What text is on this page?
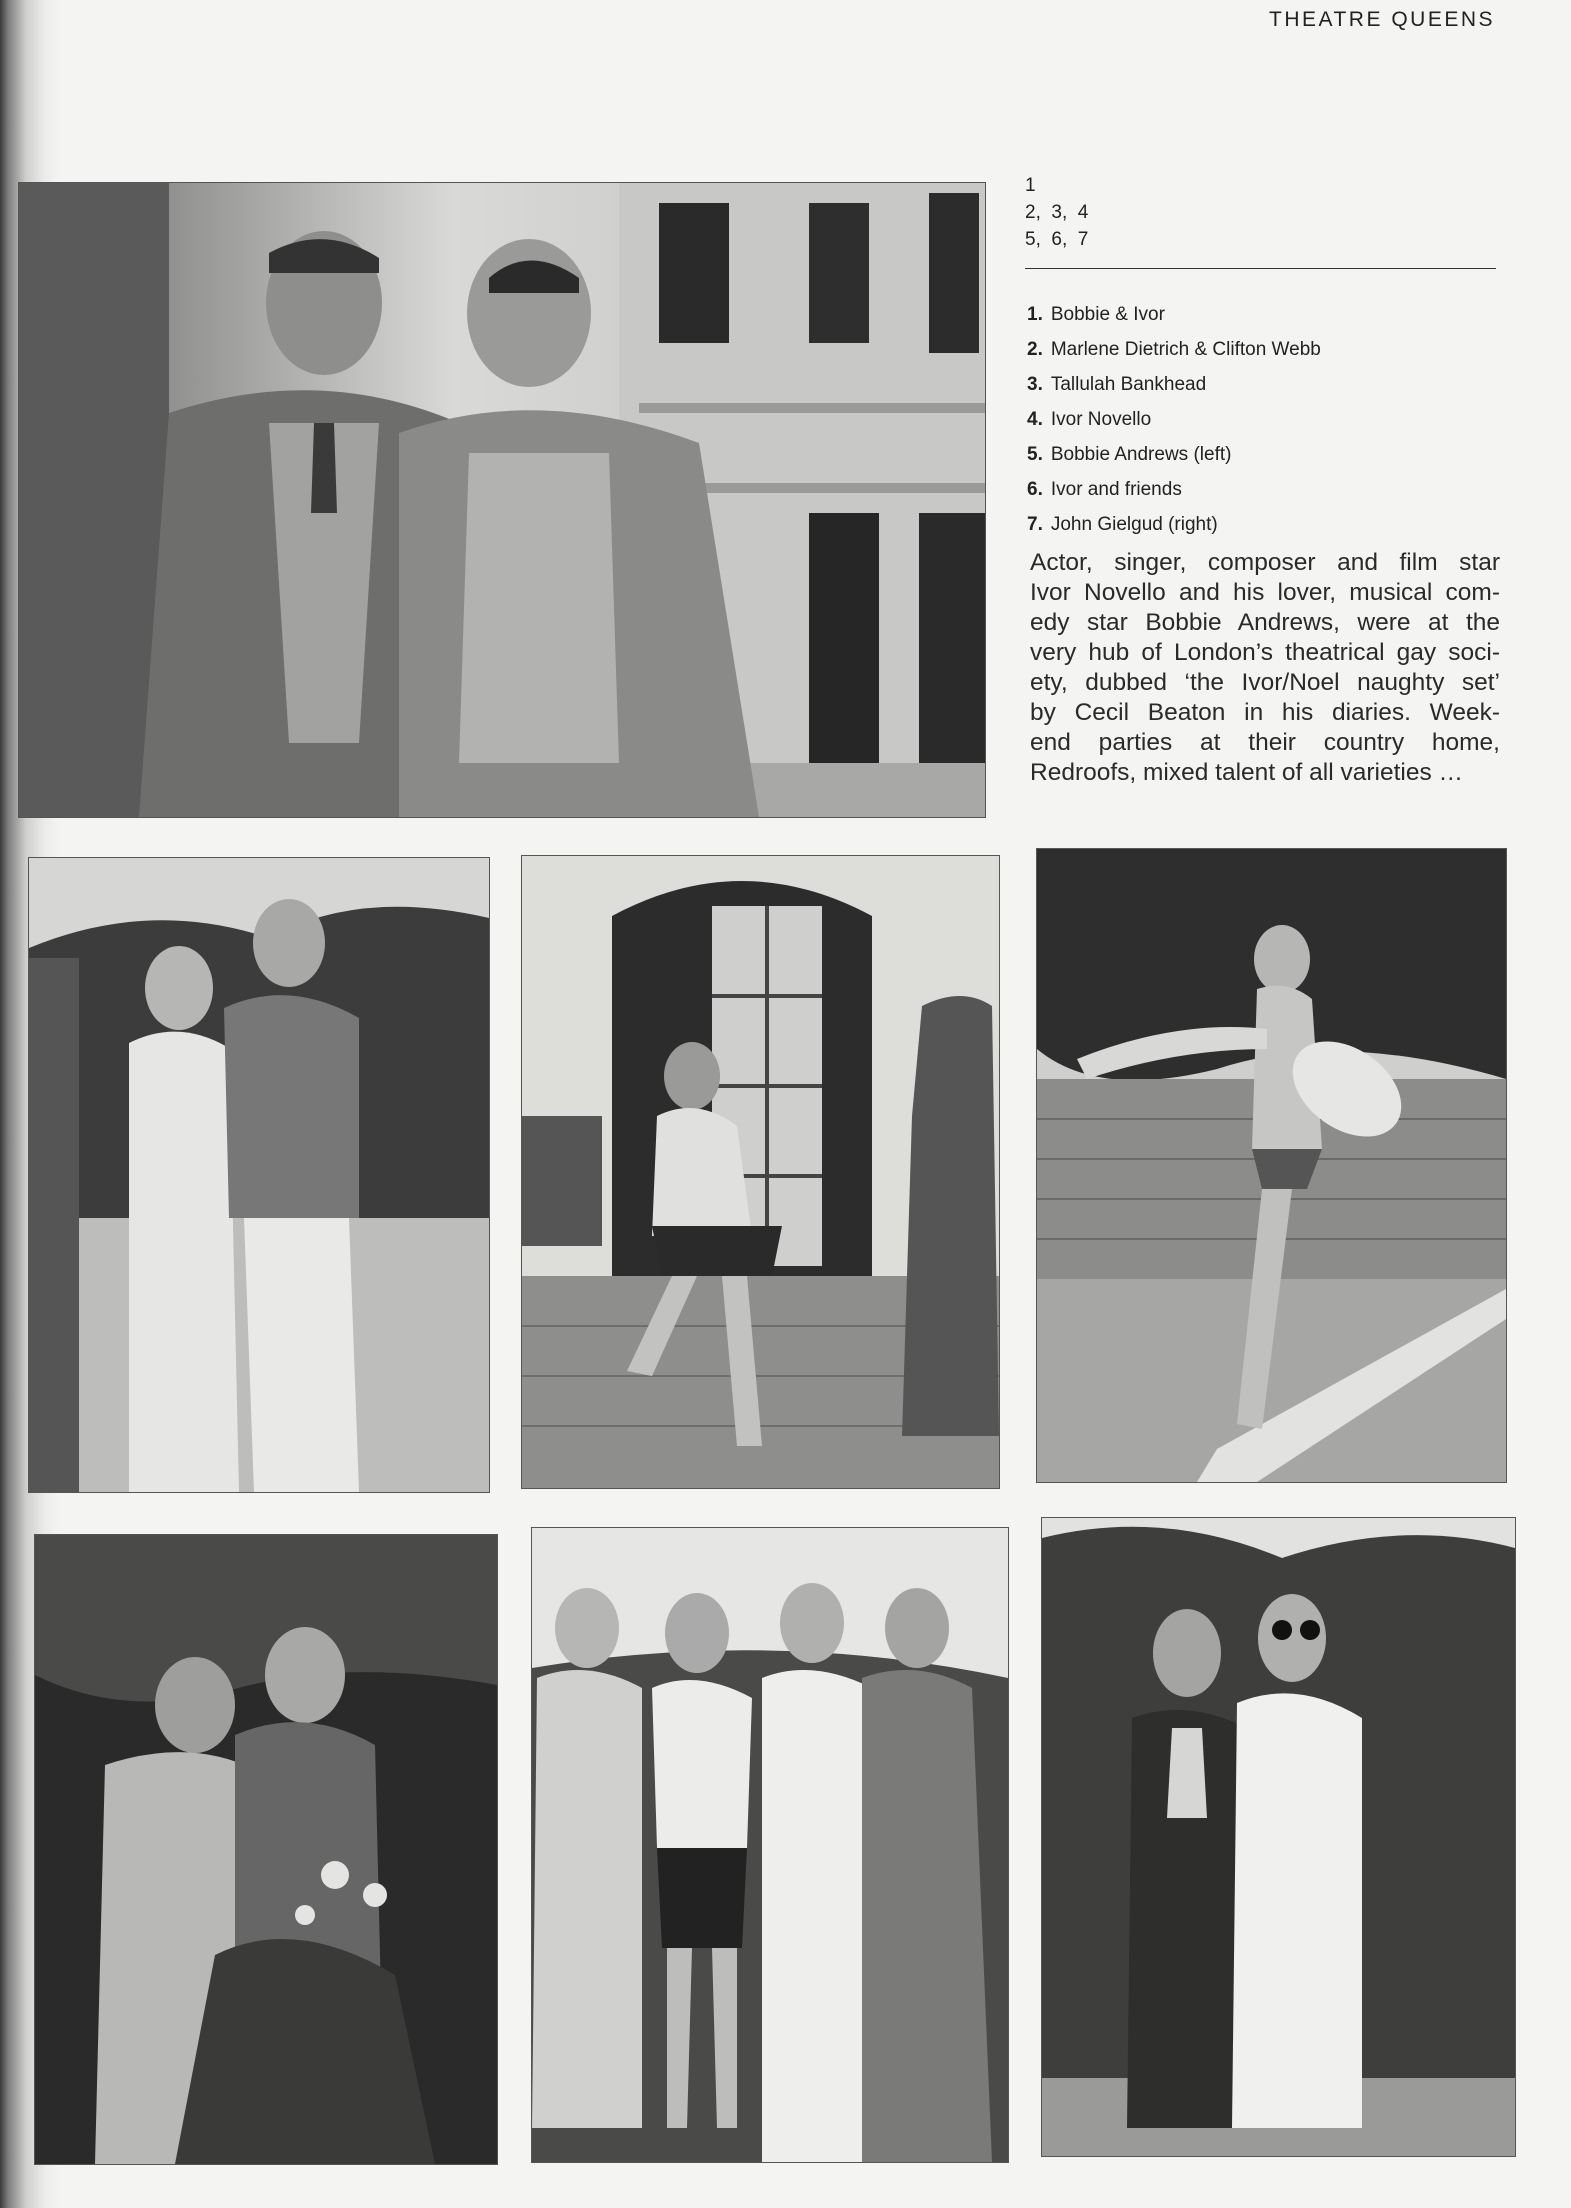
THEATRE QUEENS
1
2,  3,  4
5,  6,  7
1. Bobbie & Ivor
2. Marlene Dietrich & Clifton Webb
3. Tallulah Bankhead
4. Ivor Novello
5. Bobbie Andrews (left)
6. Ivor and friends
7. John Gielgud (right)
Actor, singer, composer and film star
Ivor Novello and his lover, musical com-
edy star Bobbie Andrews, were at the
very hub of London’s theatrical gay soci-
ety, dubbed ‘the Ivor/Noel naughty set’
by Cecil Beaton in his diaries. Week-
end parties at their country home,
Redroofs, mixed talent of all varieties …
